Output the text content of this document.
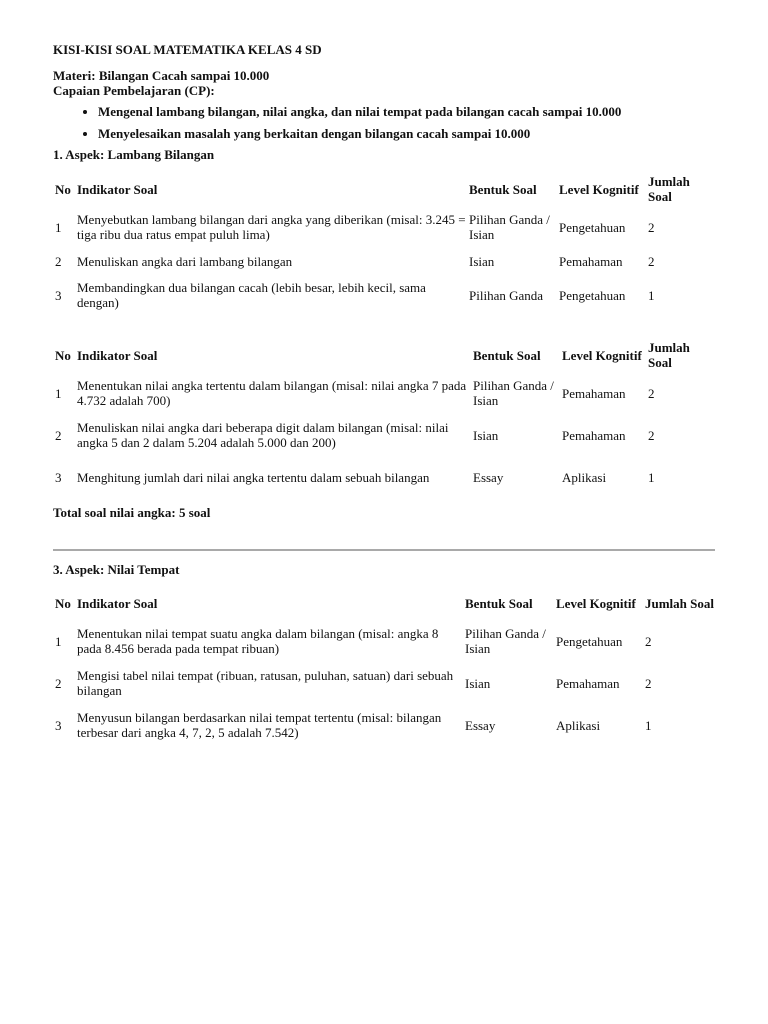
KISI-KISI SOAL MATEMATIKA KELAS 4 SD
Materi: Bilangan Cacah sampai 10.000
Capaian Pembelajaran (CP):
• Mengenal lambang bilangan, nilai angka, dan nilai tempat pada bilangan cacah sampai 10.000
• Menyelesaikan masalah yang berkaitan dengan bilangan cacah sampai 10.000
1. Aspek: Lambang Bilangan
No	Indikator Soal	Bentuk Soal	Level Kognitif	Jumlah Soal
1	Menyebutkan lambang bilangan dari angka yang diberikan (misal: 3.245 = tiga ribu dua ratus empat puluh lima)	Pilihan Ganda / Isian	Pengetahuan	2
2	Menuliskan angka dari lambang bilangan	Isian	Pemahaman	2
3	Membandingkan dua bilangan cacah (lebih besar, lebih kecil, sama dengan)	Pilihan Ganda	Pengetahuan	1
No	Indikator Soal	Bentuk Soal	Level Kognitif	Jumlah Soal
1	Menentukan nilai angka tertentu dalam bilangan (misal: nilai angka 7 pada 4.732 adalah 700)	Pilihan Ganda / Isian	Pemahaman	2
2	Menuliskan nilai angka dari beberapa digit dalam bilangan (misal: nilai angka 5 dan 2 dalam 5.204 adalah 5.000 dan 200)	Isian	Pemahaman	2
3	Menghitung jumlah dari nilai angka tertentu dalam sebuah bilangan	Essay	Aplikasi	1
Total soal nilai angka: 5 soal
3. Aspek: Nilai Tempat
No	Indikator Soal	Bentuk Soal	Level Kognitif	Jumlah Soal
1	Menentukan nilai tempat suatu angka dalam bilangan (misal: angka 8 pada 8.456 berada pada tempat ribuan)	Pilihan Ganda / Isian	Pengetahuan	2
2	Mengisi tabel nilai tempat (ribuan, ratusan, puluhan, satuan) dari sebuah bilangan	Isian	Pemahaman	2
3	Menyusun bilangan berdasarkan nilai tempat tertentu (misal: bilangan terbesar dari angka 4, 7, 2, 5 adalah 7.542)	Essay	Aplikasi	1
